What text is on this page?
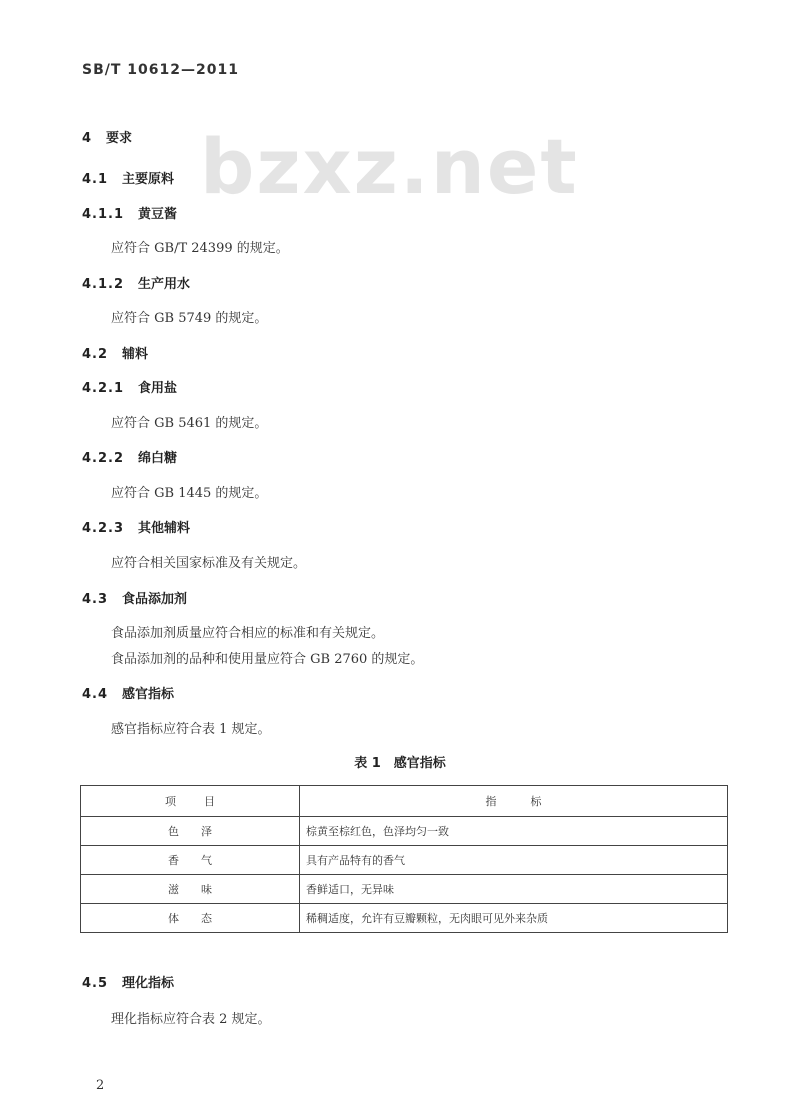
SB/T 10612—2011
bzxz.net
4 要求
4.1 主要原料
4.1.1 黄豆酱
应符合 GB/T 24399 的规定。
4.1.2 生产用水
应符合 GB 5749 的规定。
4.2 辅料
4.2.1 食用盐
应符合 GB 5461 的规定。
4.2.2 绵白糖
应符合 GB 1445 的规定。
4.2.3 其他辅料
应符合相关国家标准及有关规定。
4.3 食品添加剂
食品添加剂质量应符合相应的标准和有关规定。
食品添加剂的品种和使用量应符合 GB 2760 的规定。
4.4 感官指标
感官指标应符合表 1 规定。
表 1　感官指标
项目	指标
色泽	棕黄至棕红色，色泽均匀一致
香气	具有产品特有的香气
滋味	香鲜适口，无异味
体态	稀稠适度，允许有豆瓣颗粒，无肉眼可见外来杂质
4.5 理化指标
理化指标应符合表 2 规定。
2
